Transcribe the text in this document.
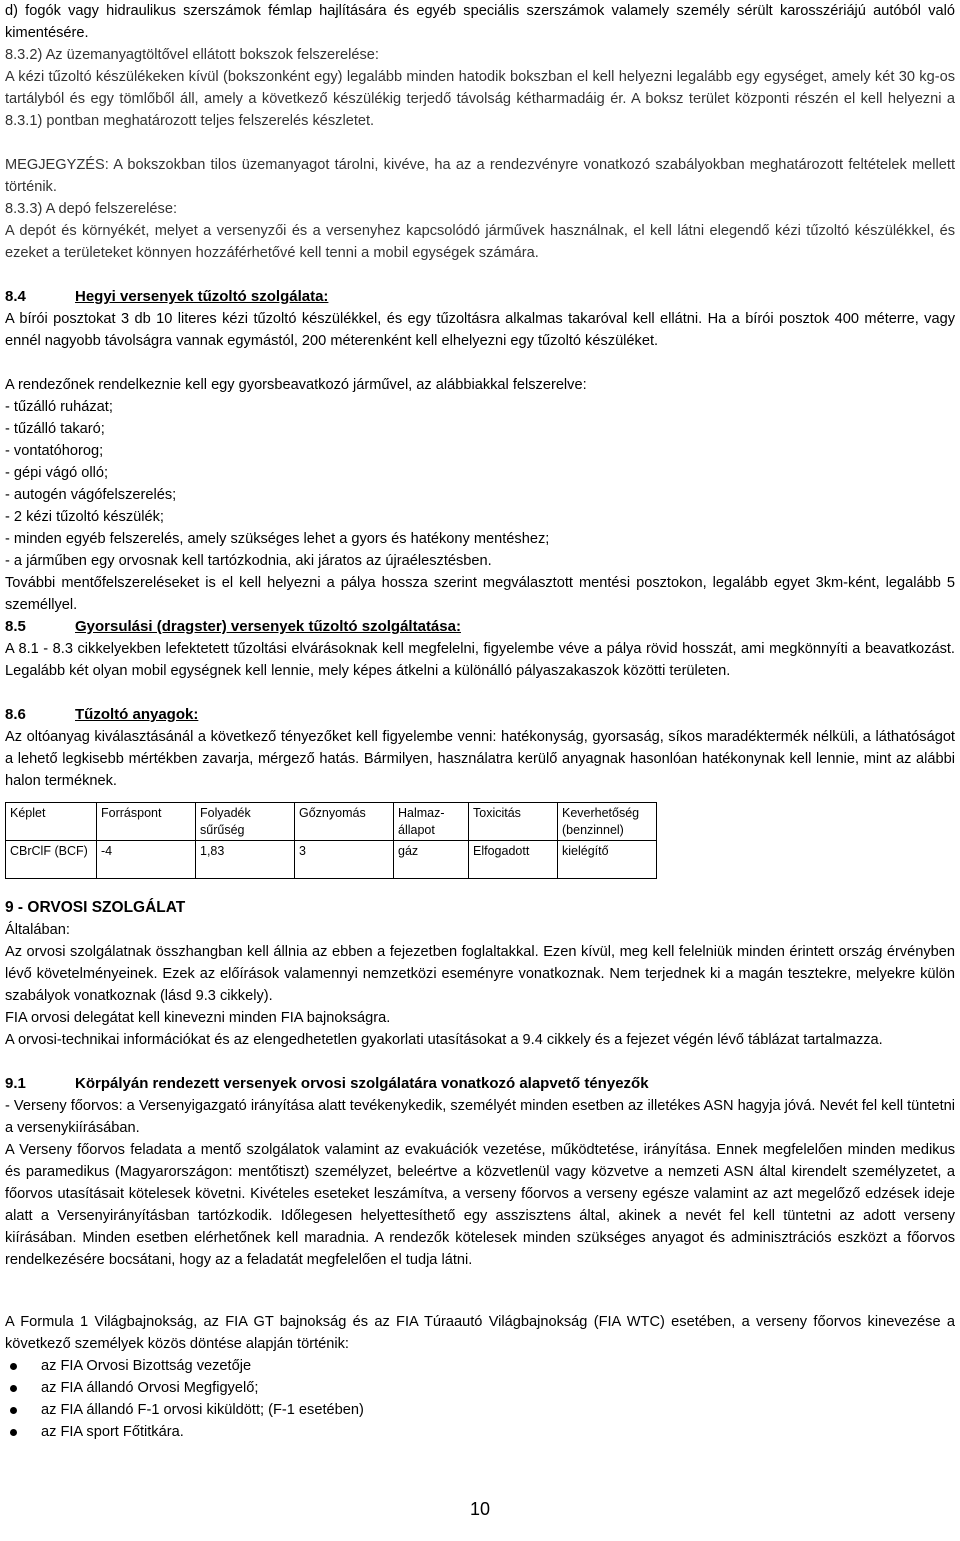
d) fogók vagy hidraulikus szerszámok fémlap hajlítására és egyéb speciális szerszámok valamely személy sérült karosszériájú autóból való kimentésére.

8.3.2) Az üzemanyagtöltővel ellátott bokszok felszerelése:

A kézi tűzoltó készülékeken kívül (bokszonként egy) legalább minden hatodik bokszban el kell helyezni legalább egy egységet, amely két 30 kg-os tartályból és egy tömlőből áll, amely a következő készülékig terjedő távolság kétharmadáig ér. A boksz terület központi részén el kell helyezni a 8.3.1) pontban meghatározott teljes felszerelés készletet.

MEGJEGYZÉS: A bokszokban tilos üzemanyagot tárolni, kivéve, ha az a rendezvényre vonatkozó szabályokban meghatározott feltételek mellett történik.

8.3.3) A depó felszerelése:

A depót és környékét, melyet a versenyzői és a versenyhez kapcsolódó járművek használnak, el kell látni elegendő kézi tűzoltó készülékkel, és ezeket a területeket könnyen hozzáférhetővé kell tenni a mobil egységek számára.

8.4	Hegyi versenyek tűzoltó szolgálata:

A bírói posztokat 3 db 10 literes kézi tűzoltó készülékkel, és egy tűzoltásra alkalmas takaróval kell ellátni. Ha a bírói posztok 400 méterre, vagy ennél nagyobb távolságra vannak egymástól, 200 méterenként kell elhelyezni egy tűzoltó készüléket.

A rendezőnek rendelkeznie kell egy gyorsbeavatkozó járművel, az alábbiakkal felszerelve:

- tűzálló ruházat;

- tűzálló takaró;

- vontatóhorog;

- gépi vágó olló;

- autogén vágófelszerelés;

- 2 kézi tűzoltó készülék;

- minden egyéb felszerelés, amely szükséges lehet a gyors és hatékony mentéshez;

- a járműben egy orvosnak kell tartózkodnia, aki járatos az újraélesztésben.

További mentőfelszereléseket is el kell helyezni a pálya hossza szerint megválasztott mentési posztokon, legalább egyet 3km-ként, legalább 5 személlyel.

8.5	Gyorsulási (dragster) versenyek tűzoltó szolgáltatása:

A 8.1 - 8.3 cikkelyekben lefektetett tűzoltási elvárásoknak kell megfelelni, figyelembe véve a pálya rövid hosszát, ami megkönnyíti a beavatkozást. Legalább két olyan mobil egységnek kell lennie, mely képes átkelni a különálló pályaszakaszok közötti területen.

8.6	Tűzoltó anyagok:

Az oltóanyag kiválasztásánál a következő tényezőket kell figyelembe venni: hatékonyság, gyorsaság, síkos maradéktermék nélküli, a láthatóságot a lehető legkisebb mértékben zavarja, mérgező hatás. Bármilyen, használatra kerülő anyagnak hasonlóan hatékonynak kell lennie, mint az alábbi halon terméknek.

Képlet	Forráspont	Folyadék sűrűség	Gőznyomás	Halmaz-állapot	Toxicitás	Keverhetőség (benzinnel)
CBrClF (BCF)	-4	1,83	3	gáz	Elfogadott	kielégítő

9 - ORVOSI SZOLGÁLAT

Általában:

Az orvosi szolgálatnak összhangban kell állnia az ebben a fejezetben foglaltakkal. Ezen kívül, meg kell felelniük minden érintett ország érvényben lévő követelményeinek. Ezek az előírások valamennyi nemzetközi eseményre vonatkoznak. Nem terjednek ki a magán tesztekre, melyekre külön szabályok vonatkoznak (lásd 9.3 cikkely).

FIA orvosi delegátat kell kinevezni minden FIA bajnokságra.

A orvosi-technikai információkat és az elengedhetetlen gyakorlati utasításokat a 9.4 cikkely és a fejezet végén lévő táblázat tartalmazza.

9.1	Körpályán rendezett versenyek orvosi szolgálatára vonatkozó alapvető tényezők

- Verseny főorvos: a Versenyigazgató irányítása alatt tevékenykedik, személyét minden esetben az illetékes ASN hagyja jóvá. Nevét fel kell tüntetni a versenykiírásában.

A Verseny főorvos feladata a mentő szolgálatok valamint az evakuációk vezetése, működtetése, irányítása. Ennek megfelelően minden medikus és paramedikus (Magyarországon: mentőtiszt) személyzet, beleértve a közvetlenül vagy közvetve a nemzeti ASN által kirendelt személyzetet, a főorvos utasításait kötelesek követni. Kivételes eseteket leszámítva, a verseny főorvos a verseny egésze valamint az azt megelőző edzések ideje alatt a Versenyirányításban tartózkodik. Időlegesen helyettesíthető egy asszisztens által, akinek a nevét fel kell tüntetni az adott verseny kiírásában. Minden esetben elérhetőnek kell maradnia. A rendezők kötelesek minden szükséges anyagot és adminisztrációs eszközt a főorvos rendelkezésére bocsátani, hogy az a feladatát megfelelően el tudja látni.

A Formula 1 Világbajnokság, az FIA GT bajnokság és az FIA Túraautó Világbajnokság (FIA WTC) esetében, a verseny főorvos kinevezése a következő személyek közös döntése alapján történik:

az FIA Orvosi Bizottság vezetője
az FIA állandó Orvosi Megfigyelő;
az FIA állandó F-1 orvosi kiküldött; (F-1 esetében)
az FIA sport Főtitkára.
10
